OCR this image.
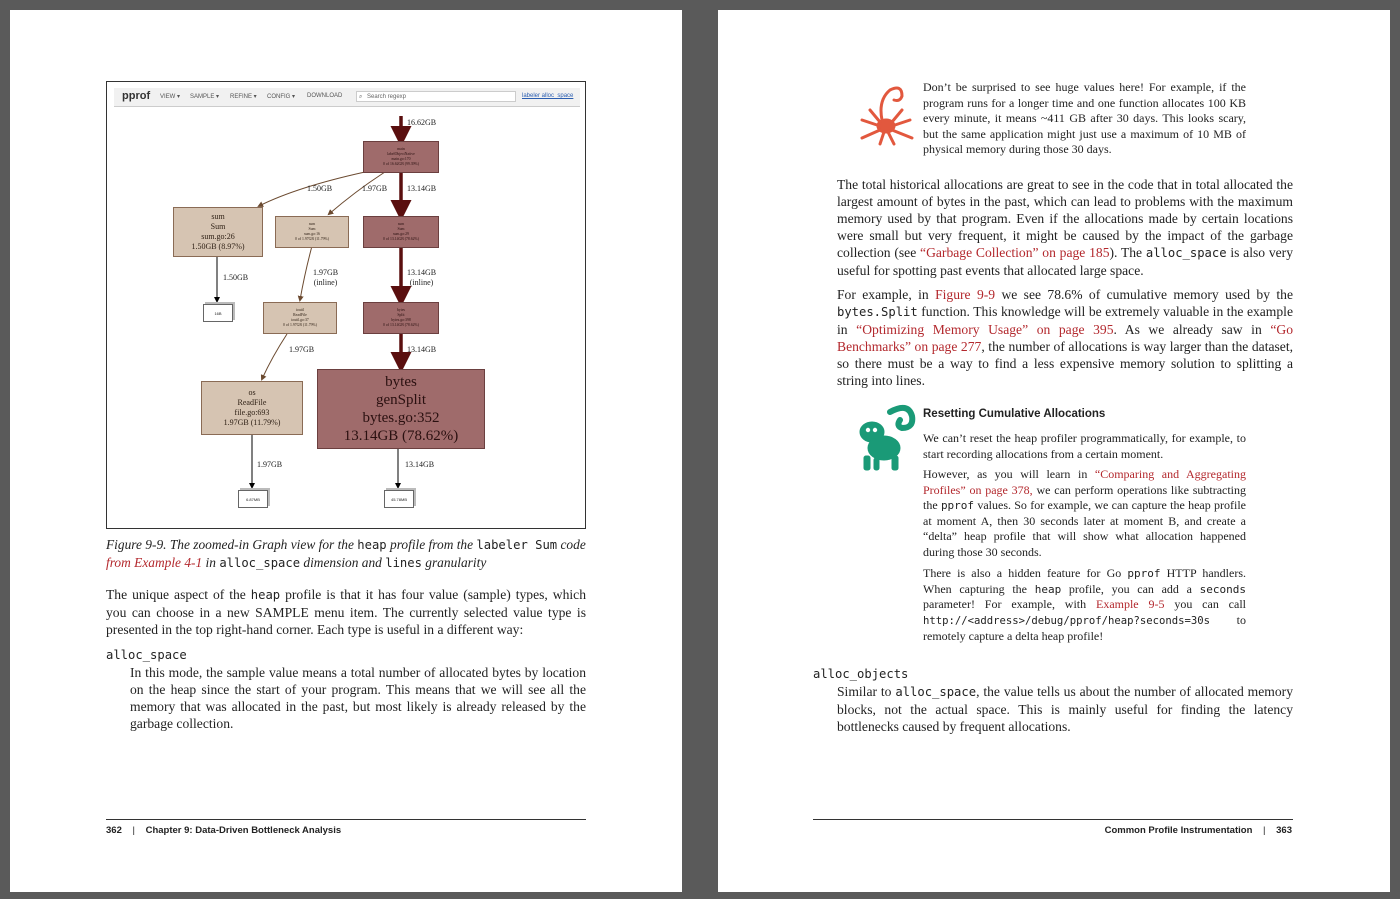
pprof VIEW ▾ SAMPLE ▾ REFINE ▾ CONFIG ▾ DOWNLOAD	⌕ Search regexp	labeler alloc_space
16.62GB
main
labelObjectNative
main.go:170
0 of 16.62GB (99.39%)
1.50GB	1.97GB 13.14GB
sum
Sum
sum.go:26
1.50GB (8.97%)
sum
Sum
sum.go:16
0 of 1.97GB (11.79%)
sum
Sum
sum.go:29
0 of 13.14GB (78.62%)
1.50GB
1.97GB
(inline)
13.14GB
(inline)
16B
ioutil
ReadFile
ioutil.go:37
0 of 1.97GB (11.79%)
bytes
Split
bytes.go:398
0 of 13.14GB (78.62%)
1.97GB	13.14GB
os
ReadFile
file.go:693
1.97GB (11.79%)
bytes
genSplit
bytes.go:352
13.14GB (78.62%)
1.97GB	13.14GB
6.87MB	45.78MB
Figure 9-9. The zoomed-in Graph view for the heap profile from the labeler Sum code
from Example 4-1 in alloc_space dimension and lines granularity

The unique aspect of the heap profile is that it has four value (sample) types, which you can choose in a new SAMPLE menu item. The currently selected value type is presented in the top right-hand corner. Each type is useful in a different way:

alloc_space

In this mode, the sample value means a total number of allocated bytes by location on the heap since the start of your program. This means that we will see all the memory that was allocated in the past, but most likely is already released by the garbage collection.

362 | Chapter 9: Data-Driven Bottleneck Analysis

Don’t be surprised to see huge values here! For example, if the program runs for a longer time and one function allocates 100 KB every minute, it means ~411 GB after 30 days. This looks scary, but the same application might just use a maximum of 10 MB of physical memory during those 30 days.

The total historical allocations are great to see in the code that in total allocated the largest amount of bytes in the past, which can lead to problems with the maximum memory used by that program. Even if the allocations made by certain locations were small but very frequent, it might be caused by the impact of the garbage collection (see “Garbage Collection” on page 185). The alloc_space is also very useful for spotting past events that allocated large space.

For example, in Figure 9-9 we see 78.6% of cumulative memory used by the bytes.Split function. This knowledge will be extremely valuable in the example in “Optimizing Memory Usage” on page 395. As we already saw in “Go Benchmarks” on page 277, the number of allocations is way larger than the dataset, so there must be a way to find a less expensive memory solution to splitting a string into lines.

Resetting Cumulative Allocations

We can’t reset the heap profiler programmatically, for example, to start recording allocations from a certain moment.

However, as you will learn in “Comparing and Aggregating Profiles” on page 378, we can perform operations like subtracting the pprof values. So for example, we can capture the heap profile at moment A, then 30 seconds later at moment B, and create a “delta” heap profile that will show what allocation happened during those 30 seconds.

There is also a hidden feature for Go pprof HTTP handlers. When capturing the heap profile, you can add a seconds parameter! For example, with Example 9-5 you can call http://<address>/debug/pprof/heap?seconds=30s to remotely capture a delta heap profile!

alloc_objects

Similar to alloc_space, the value tells us about the number of allocated memory blocks, not the actual space. This is mainly useful for finding the latency bottlenecks caused by frequent allocations.

Common Profile Instrumentation | 363
